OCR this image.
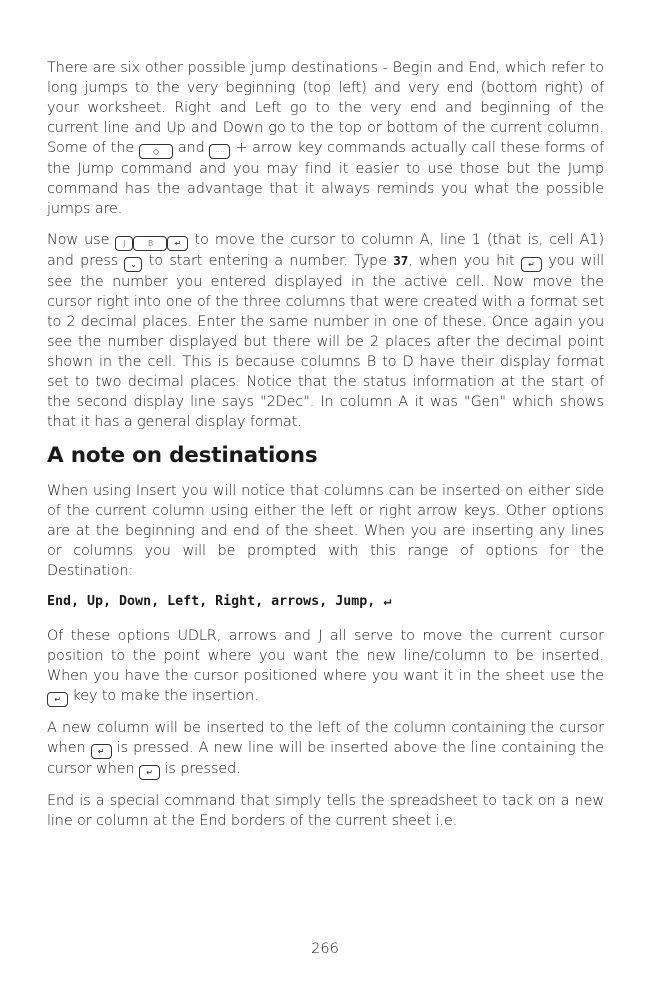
There are six other possible jump destinations - Begin and End, which refer to long jumps to the very beginning (top left) and very end (bottom right) of your worksheet. Right and Left go to the very end and beginning of the current line and Up and Down go to the top or bottom of the current column. Some of the ◇ and ···· + arrow key commands actually call these forms of the Jump command and you may find it easier to use those but the Jump command has the advantage that it always reminds you what the possible jumps are.

Now use J	B	↵ to move the cursor to column A, line 1 (that is, cell A1) and press ⌄ to start entering a number. Type 37, when you hit ↵ you will see the number you entered displayed in the active cell. Now move the cursor right into one of the three columns that were created with a format set to 2 decimal places. Enter the same number in one of these. Once again you see the number displayed but there will be 2 places after the decimal point shown in the cell. This is because columns B to D have their display format set to two decimal places. Notice that the status information at the start of the second display line says "2Dec". In column A it was "Gen" which shows that it has a general display format.

A note on destinations

When using Insert you will notice that columns can be inserted on either side of the current column using either the left or right arrow keys. Other options are at the beginning and end of the sheet. When you are inserting any lines or columns you will be prompted with this range of options for the Destination:

End, Up, Down, Left, Right, arrows, Jump, ↵

Of these options UDLR, arrows and J all serve to move the current cursor position to the point where you want the new line/column to be inserted. When you have the cursor positioned where you want it in the sheet use the ↵ key to make the insertion.

A new column will be inserted to the left of the column containing the cursor when ↵ is pressed. A new line will be inserted above the line containing the cursor when ↵ is pressed.

End is a special command that simply tells the spreadsheet to tack on a new line or column at the End borders of the current sheet i.e.

266
